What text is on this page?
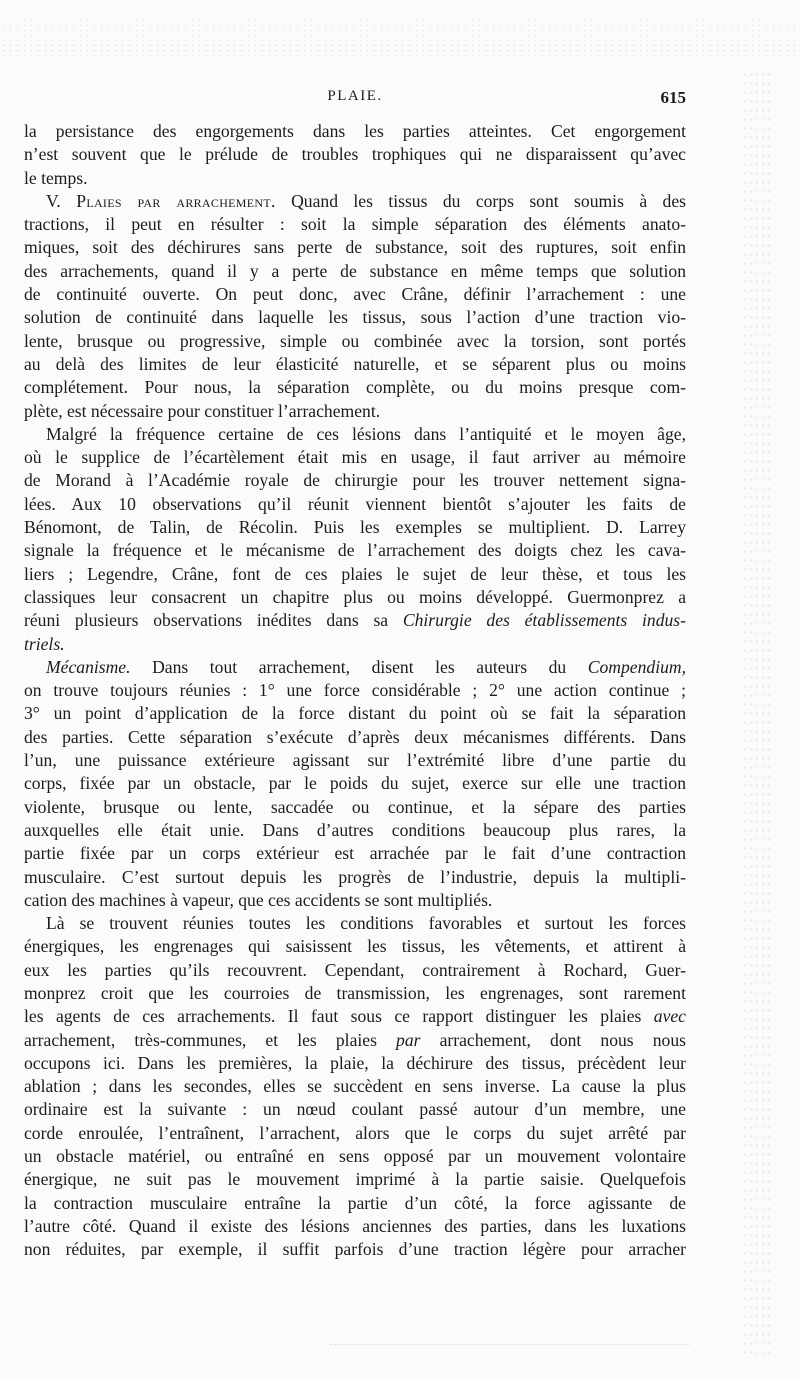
PLAIE.	615
la persistance des engorgements dans les parties atteintes. Cet engorgement
n’est souvent que le prélude de troubles trophiques qui ne disparaissent qu’avec
le temps.
V. Plaies par arrachement. Quand les tissus du corps sont soumis à des
tractions, il peut en résulter : soit la simple séparation des éléments anato-
miques, soit des déchirures sans perte de substance, soit des ruptures, soit enfin
des arrachements, quand il y a perte de substance en même temps que solution
de continuité ouverte. On peut donc, avec Crâne, définir l’arrachement : une
solution de continuité dans laquelle les tissus, sous l’action d’une traction vio-
lente, brusque ou progressive, simple ou combinée avec la torsion, sont portés
au delà des limites de leur élasticité naturelle, et se séparent plus ou moins
complétement. Pour nous, la séparation complète, ou du moins presque com-
plète, est nécessaire pour constituer l’arrachement.
Malgré la fréquence certaine de ces lésions dans l’antiquité et le moyen âge,
où le supplice de l’écartèlement était mis en usage, il faut arriver au mémoire
de Morand à l’Académie royale de chirurgie pour les trouver nettement signa-
lées. Aux 10 observations qu’il réunit viennent bientôt s’ajouter les faits de
Bénomont, de Talin, de Récolin. Puis les exemples se multiplient. D. Larrey
signale la fréquence et le mécanisme de l’arrachement des doigts chez les cava-
liers ; Legendre, Crâne, font de ces plaies le sujet de leur thèse, et tous les
classiques leur consacrent un chapitre plus ou moins développé. Guermonprez a
réuni plusieurs observations inédites dans sa Chirurgie des établissements indus-
triels.
Mécanisme. Dans tout arrachement, disent les auteurs du Compendium,
on trouve toujours réunies : 1° une force considérable ; 2° une action continue ;
3° un point d’application de la force distant du point où se fait la séparation
des parties. Cette séparation s’exécute d’après deux mécanismes différents. Dans
l’un, une puissance extérieure agissant sur l’extrémité libre d’une partie du
corps, fixée par un obstacle, par le poids du sujet, exerce sur elle une traction
violente, brusque ou lente, saccadée ou continue, et la sépare des parties
auxquelles elle était unie. Dans d’autres conditions beaucoup plus rares, la
partie fixée par un corps extérieur est arrachée par le fait d’une contraction
musculaire. C’est surtout depuis les progrès de l’industrie, depuis la multipli-
cation des machines à vapeur, que ces accidents se sont multipliés.
Là se trouvent réunies toutes les conditions favorables et surtout les forces
énergiques, les engrenages qui saisissent les tissus, les vêtements, et attirent à
eux les parties qu’ils recouvrent. Cependant, contrairement à Rochard, Guer-
monprez croit que les courroies de transmission, les engrenages, sont rarement
les agents de ces arrachements. Il faut sous ce rapport distinguer les plaies avec
arrachement, très-communes, et les plaies par arrachement, dont nous nous
occupons ici. Dans les premières, la plaie, la déchirure des tissus, précèdent leur
ablation ; dans les secondes, elles se succèdent en sens inverse. La cause la plus
ordinaire est la suivante : un nœud coulant passé autour d’un membre, une
corde enroulée, l’entraînent, l’arrachent, alors que le corps du sujet arrêté par
un obstacle matériel, ou entraîné en sens opposé par un mouvement volontaire
énergique, ne suit pas le mouvement imprimé à la partie saisie. Quelquefois
la contraction musculaire entraîne la partie d’un côté, la force agissante de
l’autre côté. Quand il existe des lésions anciennes des parties, dans les luxations
non réduites, par exemple, il suffit parfois d’une traction légère pour arracher
